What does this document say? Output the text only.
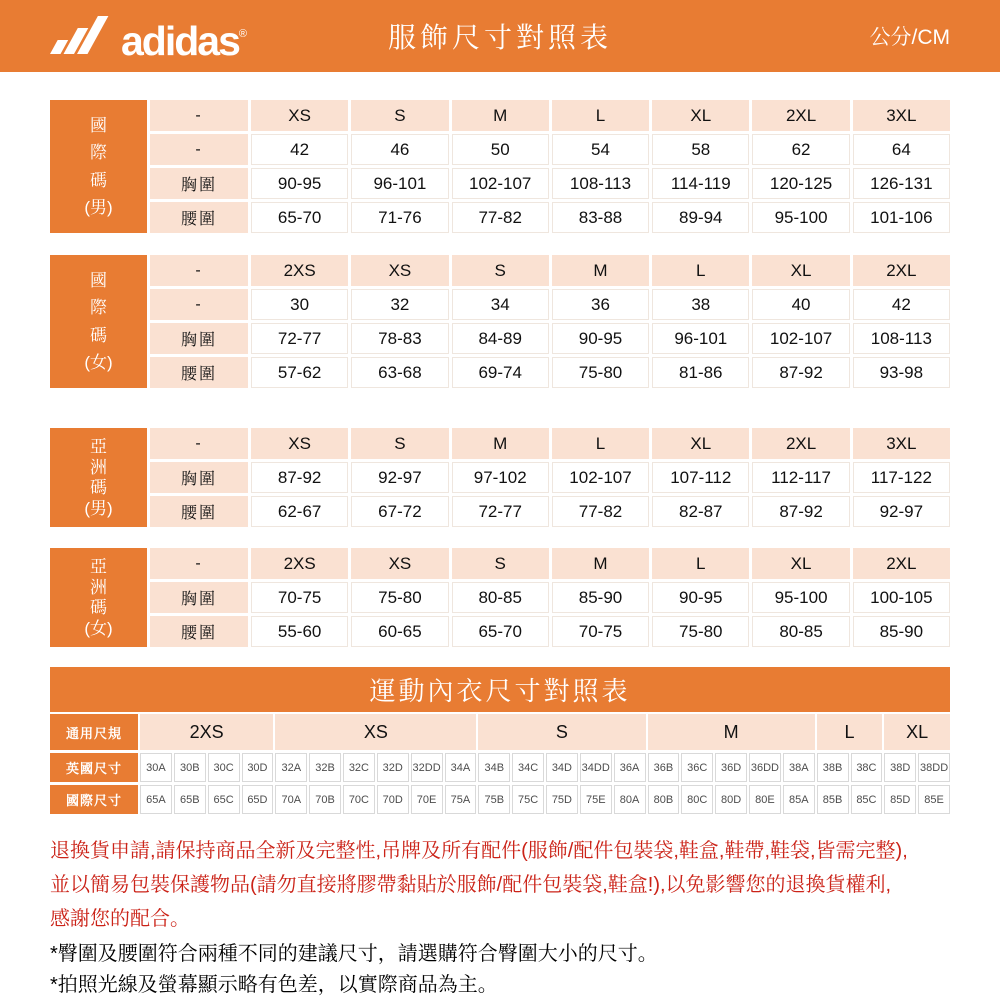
adidas®	服飾尺寸對照表	公分/CM
國
際
碼
(男)
-	XS	S	M	L	XL	2XL	3XL
-	42	46	50	54	58	62	64
胸圍	90-95	96-101	102-107	108-113	114-119	120-125	126-131
腰圍	65-70	71-76	77-82	83-88	89-94	95-100	101-106
國
際
碼
(女)
-	2XS	XS	S	M	L	XL	2XL
-	30	32	34	36	38	40	42
胸圍	72-77	78-83	84-89	90-95	96-101	102-107	108-113
腰圍	57-62	63-68	69-74	75-80	81-86	87-92	93-98
亞
洲
碼
(男)
-	XS	S	M	L	XL	2XL	3XL
胸圍	87-92	92-97	97-102	102-107	107-112	112-117	117-122
腰圍	62-67	67-72	72-77	77-82	82-87	87-92	92-97
亞
洲
碼
(女)
-	2XS	XS	S	M	L	XL	2XL
胸圍	70-75	75-80	80-85	85-90	90-95	95-100	100-105
腰圍	55-60	60-65	65-70	70-75	75-80	80-85	85-90
運動內衣尺寸對照表
通用尺規	2XS	XS	S	M	L	XL
英國尺寸	30A	30B	30C	30D	32A	32B	32C	32D 32DD 34A	34B	34C	34D 34DD 36A	36B	36C	36D 36DD 38A	38B	38C	38D 38DD
國際尺寸	65A	65B	65C	65D	70A	70B	70C	70D	70E	75A	75B	75C	75D	75E	80A	80B	80C	80D	80E	85A	85B	85C	85D	85E
退換貨申請,請保持商品全新及完整性,吊牌及所有配件(服飾/配件包裝袋,鞋盒,鞋帶,鞋袋,皆需完整),
並以簡易包裝保護物品(請勿直接將膠帶黏貼於服飾/配件包裝袋,鞋盒!),以免影響您的退換貨權利,
感謝您的配合。
*臀圍及腰圍符合兩種不同的建議尺寸，請選購符合臀圍大小的尺寸。
*拍照光線及螢幕顯示略有色差，以實際商品為主。
